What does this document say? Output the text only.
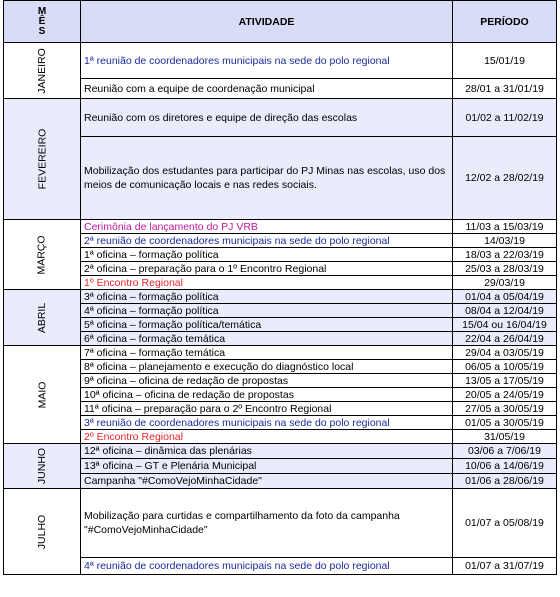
M
Ê
S	ATIVIDADE	PERÍODO
JANEIRO	1ª reunião de coordenadores municipais na sede do polo regional	15/01/19
	Reunião com a equipe de coordenação municipal	28/01 a 31/01/19
FEVEREIRO	Reunião com os diretores e equipe de direção das escolas	01/02 a 11/02/19
	Mobilização dos estudantes para participar do PJ Minas nas escolas, uso dos meios de comunicação locais e nas redes sociais.	12/02 a 28/02/19
MARÇO	Cerimônia de lançamento do PJ VRB	11/03 a 15/03/19
	2ª reunião de coordenadores municipais na sede do polo regional	14/03/19
	1ª oficina – formação política	18/03 a 22/03/19
	2ª oficina – preparação para o 1º Encontro Regional	25/03 a 28/03/19
	1º Encontro Regional	29/03/19
ABRIL	3ª oficina – formação política	01/04 a 05/04/19
	4ª oficina – formação política	08/04 a 12/04/19
	5ª oficina – formação política/temática	15/04 ou 16/04/19
	6ª oficina – formação temática	22/04 a 26/04/19
MAIO	7ª oficina – formação temática	29/04 a 03/05/19
	8ª oficina – planejamento e execução do diagnóstico local	06/05 a 10/05/19
	9ª oficina – oficina de redação de propostas	13/05 a 17/05/19
	10ª oficina – oficina de redação de propostas	20/05 a 24/05/19
	11ª oficina – preparação para o 2º Encontro Regional	27/05 a 30/05/19
	3ª reunião de coordenadores municipais na sede do polo regional	01/05 a 30/05/19
	2º Encontro Regional	31/05/19
JUNHO	12ª oficina – dinâmica das plenárias	03/06 a 7/06/19
	13ª oficina – GT e Plenária Municipal	10/06 a 14/06/19
	Campanha "#ComoVejoMinhaCidade"	01/06 a 28/06/19
JULHO	Mobilização para curtidas e compartilhamento da foto da campanha "#ComoVejoMinhaCidade"	01/07 a 05/08/19
	4ª reunião de coordenadores municipais na sede do polo regional	01/07 a 31/07/19
